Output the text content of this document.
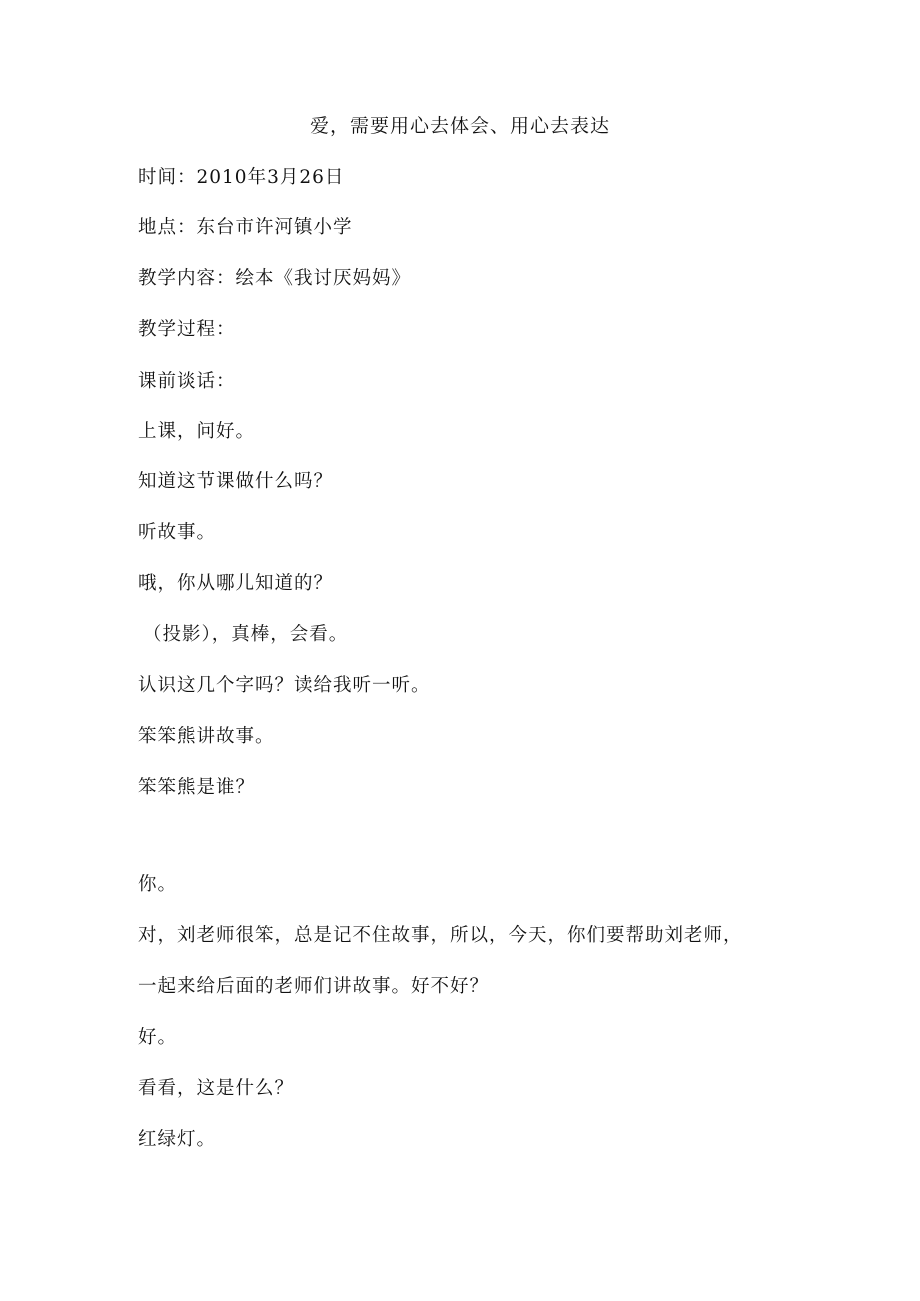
爱，需要用心去体会、用心去表达
时间：2010年3月26日
地点：东台市许河镇小学
教学内容：绘本《我讨厌妈妈》
教学过程：
课前谈话：
上课，问好。
知道这节课做什么吗？
听故事。
哦，你从哪儿知道的？
（投影），真棒，会看。
认识这几个字吗？读给我听一听。
笨笨熊讲故事。
笨笨熊是谁？
你。
对，刘老师很笨，总是记不住故事，所以，今天，你们要帮助刘老师，
一起来给后面的老师们讲故事。好不好？
好。
看看，这是什么？
红绿灯。
